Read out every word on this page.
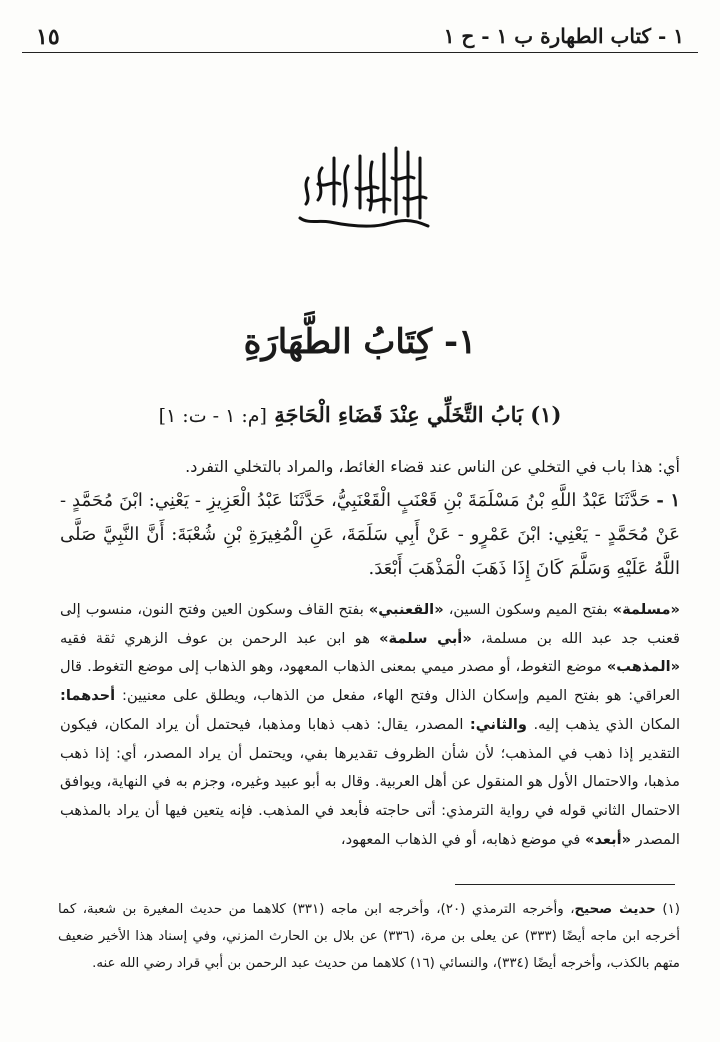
١٥	١ - كتاب الطهارة ب ١ - ح ١
١- كِتَابُ الطَّهَارَةِ
(١) بَابُ التَّخَلِّي عِنْدَ قَضَاءِ الْحَاجَةِ [م: ١ - ت: ١]
أي: هذا باب في التخلي عن الناس عند قضاء الغائط، والمراد بالتخلي التفرد.
١ - حَدَّثَنَا عَبْدُ اللَّهِ بْنُ مَسْلَمَةَ بْنِ قَعْنَبٍ الْقَعْنَبِيُّ، حَدَّثَنَا عَبْدُ الْعَزِيزِ - يَعْنِي: ابْنَ مُحَمَّدٍ - عَنْ مُحَمَّدٍ - يَعْنِي: ابْنَ عَمْرٍو - عَنْ أَبِي سَلَمَةَ، عَنِ الْمُغِيرَةِ بْنِ شُعْبَةَ: أَنَّ النَّبِيَّ صَلَّى اللَّهُ عَلَيْهِ وَسَلَّمَ كَانَ إِذَا ذَهَبَ الْمَذْهَبَ أَبْعَدَ.
«مسلمة» بفتح الميم وسكون السين، «القعنبي» بفتح القاف وسكون العين وفتح النون، منسوب إلى قعنب جد عبد الله بن مسلمة، «أبي سلمة» هو ابن عبد الرحمن بن عوف الزهري ثقة فقيه «المذهب» موضع التغوط، أو مصدر ميمي بمعنى الذهاب المعهود، وهو الذهاب إلى موضع التغوط. قال العراقي: هو بفتح الميم وإسكان الذال وفتح الهاء، مفعل من الذهاب، ويطلق على معنيين: أحدهما: المكان الذي يذهب إليه. والثاني: المصدر، يقال: ذهب ذهابا ومذهبا، فيحتمل أن يراد المكان، فيكون التقدير إذا ذهب في المذهب؛ لأن شأن الظروف تقديرها بفي، ويحتمل أن يراد المصدر، أي: إذا ذهب مذهبا، والاحتمال الأول هو المنقول عن أهل العربية. وقال به أبو عبيد وغيره، وجزم به في النهاية، ويوافق الاحتمال الثاني قوله في رواية الترمذي: أتى حاجته فأبعد في المذهب. فإنه يتعين فيها أن يراد بالمذهب المصدر «أبعد» في موضع ذهابه، أو في الذهاب المعهود،
(١) حديث صحيح، وأخرجه الترمذي (٢٠)، وأخرجه ابن ماجه (٣٣١) كلاهما من حديث المغيرة بن شعبة، كما أخرجه ابن ماجه أيضًا (٣٣٣) عن يعلى بن مرة، (٣٣٦) عن بلال بن الحارث المزني، وفي إسناد هذا الأخير ضعيف متهم بالكذب، وأخرجه أيضًا (٣٣٤)، والنسائي (١٦) كلاهما من حديث عبد الرحمن بن أبي قراد رضي الله عنه.
